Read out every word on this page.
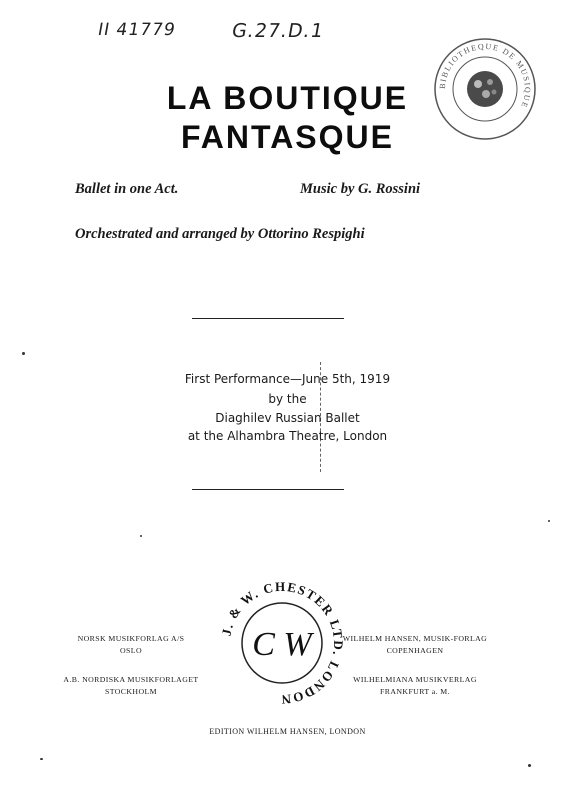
II 41779	G.27.D.1
BIBLIOTHEQUE DE MUSIQUE
LA BOUTIQUE
FANTASQUE
Ballet in one Act.	Music by G. Rossini
Orchestrated and arranged by Ottorino Respighi
First Performance—June 5th, 1919
by the
Diaghilev Russian Ballet
at the Alhambra Theatre, London
J. & W. CHESTER LTD. LONDON
C W
NORSK MUSIKFORLAG A/S
OSLO
A.B. NORDISKA MUSIKFORLAGET
STOCKHOLM
WILHELM HANSEN, MUSIK-FORLAG
COPENHAGEN
WILHELMIANA MUSIKVERLAG
FRANKFURT a. M.
EDITION WILHELM HANSEN, LONDON
